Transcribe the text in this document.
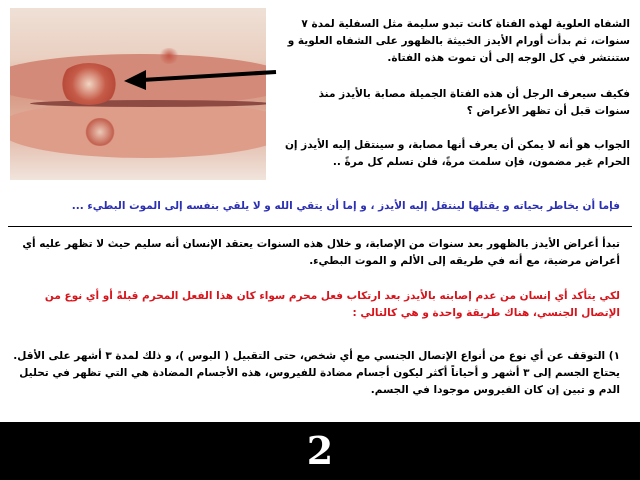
الشفاه العلوية لهذه الفتاة كانت تبدو سليمة مثل السفلية لمدة ٧ سنوات، ثم بدأت أورام الأيدز الخبيثة بالظهور على الشفاه العلوية و ستنتشر في كل الوجه إلى أن تموت هذه الفتاة.

فكيف سيعرف الرجل أن هذه الفتاة الجميلة مصابة بالأيدز منذ سنوات قبل أن تظهر الأعراض ؟

الجواب هو أنه لا يمكن أن يعرف أنها مصابة، و سينتقل إليه الأيدز إن الحرام غير مضمون، فإن سلمت مرةً، فلن تسلم كل مرةً ..

فإما أن يخاطر بحياته و يقتلها لينتقل إليه الأيدز ، و إما أن يتقي الله و لا يلقي بنفسه إلى الموت البطيء ...

تبدأ أعراض الأيدز بالظهور بعد سنوات من الإصابة، و خلال هذه السنوات يعتقد الإنسان أنه سليم حيث لا تظهر عليه أي أعراض مرضية، مع أنه في طريقه إلى الألم و الموت البطيء.

لكي يتأكد أي إنسان من عدم إصابته بالأيدز بعد ارتكاب فعل محرم سواء كان هذا الفعل المحرم قبلةً أو أي نوع من الإتصال الجنسي، هناك طريقة واحدة و هي كالتالي :

١) التوقف عن أي نوع من أنواع الإتصال الجنسي مع أي شخص، حتى التقبيل ( البوس )، و ذلك لمدة ٣ أشهر على الأقل. يحتاج الجسم إلى ٣ أشهر و أحياناً أكثر ليكون أجسام مضادة للفيروس، هذه الأجسام المضادة هي التي تظهر في تحليل الدم و تبين إن كان الفيروس موجودا في الجسم.

2
